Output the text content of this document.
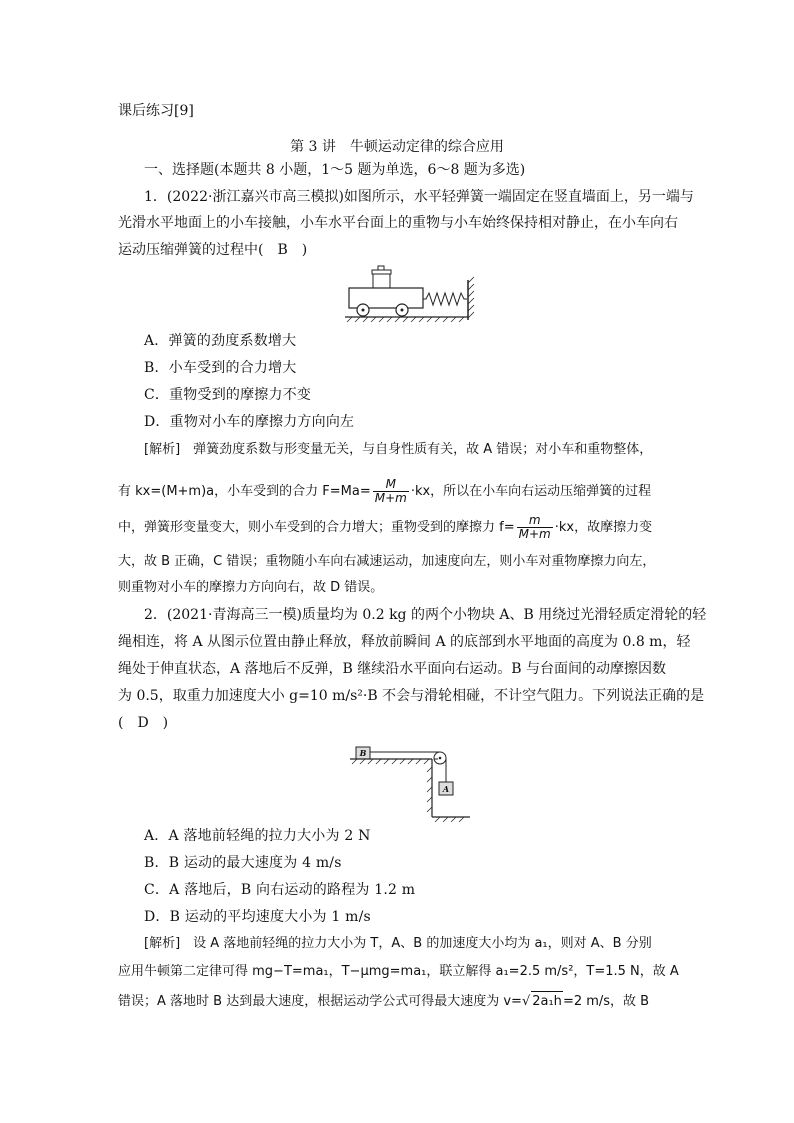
课后练习[9]
第 3 讲　牛顿运动定律的综合应用
一、选择题(本题共 8 小题，1～5 题为单选，6～8 题为多选)
1．(2022·浙江嘉兴市高三模拟)如图所示，水平轻弹簧一端固定在竖直墙面上，另一端与
光滑水平地面上的小车接触，小车水平台面上的重物与小车始终保持相对静止，在小车向右
运动压缩弹簧的过程中(　B　)
A．弹簧的劲度系数增大
B．小车受到的合力增大
C．重物受到的摩擦力不变
D．重物对小车的摩擦力方向向左
[解析]　弹簧劲度系数与形变量无关，与自身性质有关，故 A 错误；对小车和重物整体，
有 kx=(M+m)a，小车受到的合力 $F=Ma= \frac{M}{M+m} \cdot kx$，所以在小车向右运动压缩弹簧的过程
中，弹簧形变量变大，则小车受到的合力增大；重物受到的摩擦力 $f= \frac{m}{M+m} \cdot kx$，故摩擦力变
大，故 B 正确，C 错误；重物随小车向右减速运动，加速度向左，则小车对重物摩擦力向左，
则重物对小车的摩擦力方向向右，故 D 错误。
2．(2021·青海高三一模)质量均为 0.2 kg 的两个小物块 A、B 用绕过光滑轻质定滑轮的轻
绳相连，将 A 从图示位置由静止释放，释放前瞬间 A 的底部到水平地面的高度为 0.8 m，轻
绳处于伸直状态，A 落地后不反弹，B 继续沿水平面向右运动。B 与台面间的动摩擦因数
为 0.5，取重力加速度大小 g=10 m/s²·B 不会与滑轮相碰，不计空气阻力。下列说法正确的是
(　D　)
B
A
A．A 落地前轻绳的拉力大小为 2 N
B．B 运动的最大速度为 4 m/s
C．A 落地后，B 向右运动的路程为 1.2 m
D．B 运动的平均速度大小为 1 m/s
[解析]　设 A 落地前轻绳的拉力大小为 T，A、B 的加速度大小均为 a₁，则对 A、B 分别
应用牛顿第二定律可得 mg−T=ma₁，T−μmg=ma₁，联立解得 a₁=2.5 m/s²，T=1.5 N，故 A
错误；A 落地时 B 达到最大速度，根据运动学公式可得最大速度为 v=√ 2a₁h=2 m/s，故 B
